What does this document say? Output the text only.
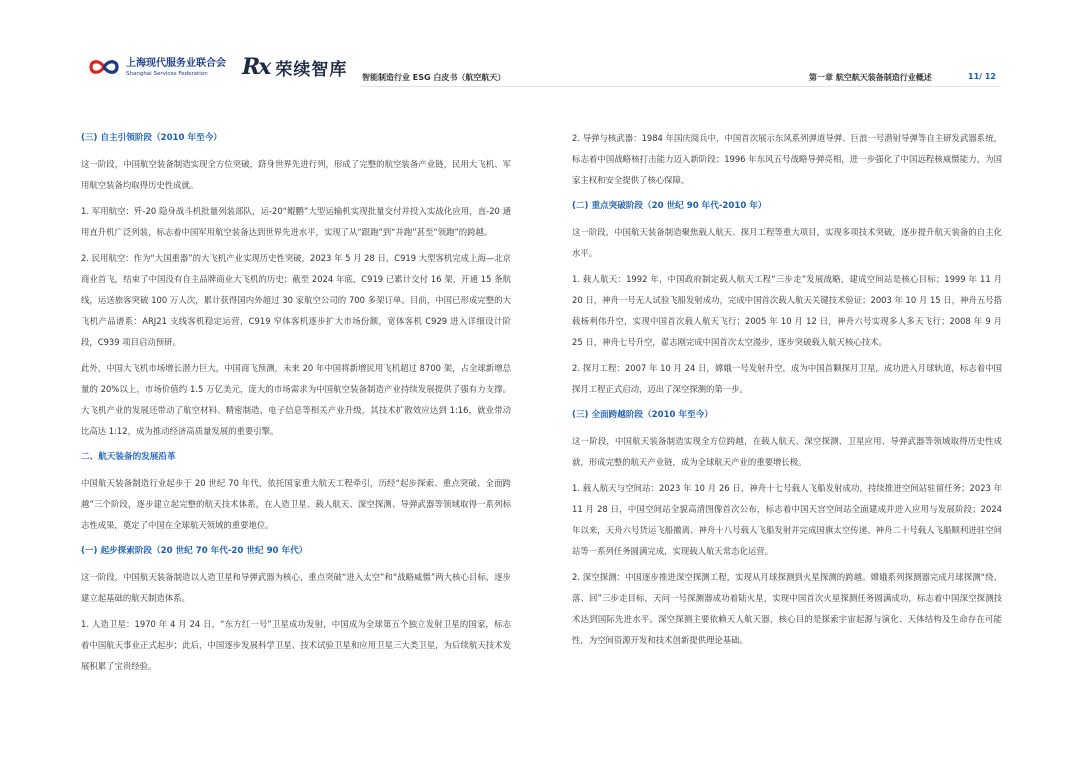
上海现代服务业联合会
Shanghai Services Federation	Rx 荣续智库 智能制造行业 ESG 白皮书（航空航天）	第一章 航空航天装备制造行业概述	11/ 12
(三) 自主引领阶段（2010 年至今）

这一阶段，中国航空装备制造实现全方位突破，跻身世界先进行列，形成了完整的航空装备产业链，民用大飞机、军用航空装备均取得历史性成就。

1. 军用航空：歼-20 隐身战斗机批量列装部队，运-20“鲲鹏”大型运输机实现批量交付并投入实战化应用，直-20 通用直升机广泛列装，标志着中国军用航空装备达到世界先进水平，实现了从“跟跑”到“并跑”甚至“领跑”的跨越。

2. 民用航空：作为“大国重器”的大飞机产业实现历史性突破，2023 年 5 月 28 日，C919 大型客机完成上海—北京商业首飞，结束了中国没有自主品牌商业大飞机的历史；截至 2024 年底，C919 已累计交付 16 架，开通 15 条航线，运送旅客突破 100 万人次，累计获得国内外超过 30 家航空公司的 700 多架订单。目前，中国已形成完整的大飞机产品谱系：ARJ21 支线客机稳定运营，C919 窄体客机逐步扩大市场份额，宽体客机 C929 进入详细设计阶段，C939 项目启动预研。

此外，中国大飞机市场增长潜力巨大，中国商飞预测，未来 20 年中国将新增民用飞机超过 8700 架，占全球新增总量的 20%以上，市场价值约 1.5 万亿美元，庞大的市场需求为中国航空装备制造产业持续发展提供了强有力支撑。大飞机产业的发展还带动了航空材料、精密制造、电子信息等相关产业升级，其技术扩散效应达到 1:16，就业带动比高达 1:12，成为推动经济高质量发展的重要引擎。

二、航天装备的发展沿革

中国航天装备制造行业起步于 20 世纪 70 年代，依托国家重大航天工程牵引，历经“起步探索、重点突破、全面跨越”三个阶段，逐步建立起完整的航天技术体系，在人造卫星、载人航天、深空探测、导弹武器等领域取得一系列标志性成果，奠定了中国在全球航天领域的重要地位。

(一) 起步探索阶段（20 世纪 70 年代-20 世纪 90 年代）

这一阶段，中国航天装备制造以人造卫星和导弹武器为核心，重点突破“进入太空”和“战略威慑”两大核心目标，逐步建立起基础的航天制造体系。

1. 人造卫星：1970 年 4 月 24 日，“东方红一号”卫星成功发射，中国成为全球第五个独立发射卫星的国家，标志着中国航天事业正式起步；此后，中国逐步发展科学卫星、技术试验卫星和应用卫星三大类卫星，为后续航天技术发展积累了宝贵经验。

2. 导弹与核武器：1984 年国庆阅兵中，中国首次展示东风系列弹道导弹、巨浪一号潜射导弹等自主研发武器系统，标志着中国战略核打击能力迈入新阶段；1996 年东风五号战略导弹亮相，进一步强化了中国远程核威慑能力，为国家主权和安全提供了核心保障。

(二) 重点突破阶段（20 世纪 90 年代-2010 年）

这一阶段，中国航天装备制造聚焦载人航天、探月工程等重大项目，实现多项技术突破，逐步提升航天装备的自主化水平。

1. 载人航天：1992 年，中国政府制定载人航天工程“三步走”发展战略，建成空间站是核心目标；1999 年 11 月 20 日，神舟一号无人试验飞船发射成功，完成中国首次载人航天关键技术验证；2003 年 10 月 15 日，神舟五号搭载杨利伟升空，实现中国首次载人航天飞行；2005 年 10 月 12 日，神舟六号实现多人多天飞行；2008 年 9 月 25 日，神舟七号升空，翟志刚完成中国首次太空漫步，逐步突破载人航天核心技术。

2. 探月工程：2007 年 10 月 24 日，嫦娥一号发射升空，成为中国首颗探月卫星，成功进入月球轨道，标志着中国探月工程正式启动，迈出了深空探测的第一步。

(三) 全面跨越阶段（2010 年至今）

这一阶段，中国航天装备制造实现全方位跨越，在载人航天、深空探测、卫星应用、导弹武器等领域取得历史性成就，形成完整的航天产业链，成为全球航天产业的重要增长极。

1. 载人航天与空间站：2023 年 10 月 26 日，神舟十七号载人飞船发射成功，持续推进空间站驻留任务；2023 年 11 月 28 日，中国空间站全貌高清图像首次公布，标志着中国天宫空间站全面建成并进入应用与发展阶段；2024 年以来，天舟六号货运飞船撤离、神舟十八号载人飞船发射并完成国旗太空传递、神舟二十号载人飞船顺利进驻空间站等一系列任务圆满完成，实现载人航天常态化运营。

2. 深空探测：中国逐步推进深空探测工程，实现从月球探测到火星探测的跨越。嫦娥系列探测器完成月球探测“绕、落、回”三步走目标，天问一号探测器成功着陆火星，实现中国首次火星探测任务圆满成功，标志着中国深空探测技术达到国际先进水平。深空探测主要依赖天人航天器，核心目的是探索宇宙起源与演化、天体结构及生命存在可能性，为空间资源开发和技术创新提供理论基础。
